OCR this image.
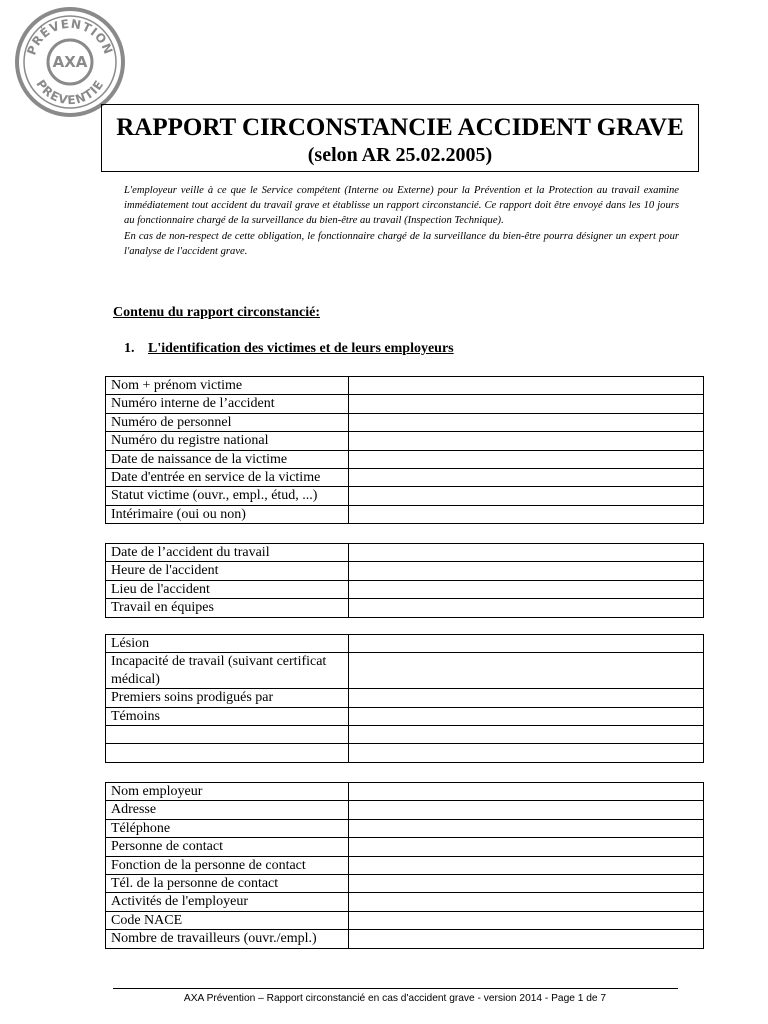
PRÉVENTION
PREVENTIE
AXA
RAPPORT CIRCONSTANCIE ACCIDENT GRAVE
(selon AR 25.02.2005)

L'employeur veille à ce que le Service compétent (Interne ou Externe) pour la Prévention et la Protection au travail examine immédiatement tout accident du travail grave et établisse un rapport circonstancié. Ce rapport doit être envoyé dans les 10 jours au fonctionnaire chargé de la surveillance du bien-être au travail (Inspection Technique).

En cas de non-respect de cette obligation, le fonctionnaire chargé de la surveillance du bien-être pourra désigner un expert pour l'analyse de l'accident grave.

Contenu du rapport circonstancié:
1. L'identification des victimes et de leurs employeurs
Nom + prénom victime	
Numéro interne de l’accident	
Numéro de personnel	
Numéro du registre national	
Date de naissance de la victime	
Date d'entrée en service de la victime	
Statut victime (ouvr., empl., étud, ...)	
Intérimaire (oui ou non)	
Date de l’accident du travail	
Heure de l'accident	
Lieu de l'accident	
Travail en équipes	
Lésion	
Incapacité de travail (suivant certificat médical)	
Premiers soins prodigués par	
Témoins	

Nom employeur	
Adresse	
Téléphone	
Personne de contact	
Fonction de la personne de contact	
Tél. de la personne de contact	
Activités de l'employeur	
Code NACE	
Nombre de travailleurs (ouvr./empl.)	
AXA Prévention – Rapport circonstancié en cas d'accident grave - version 2014 - Page 1 de 7
